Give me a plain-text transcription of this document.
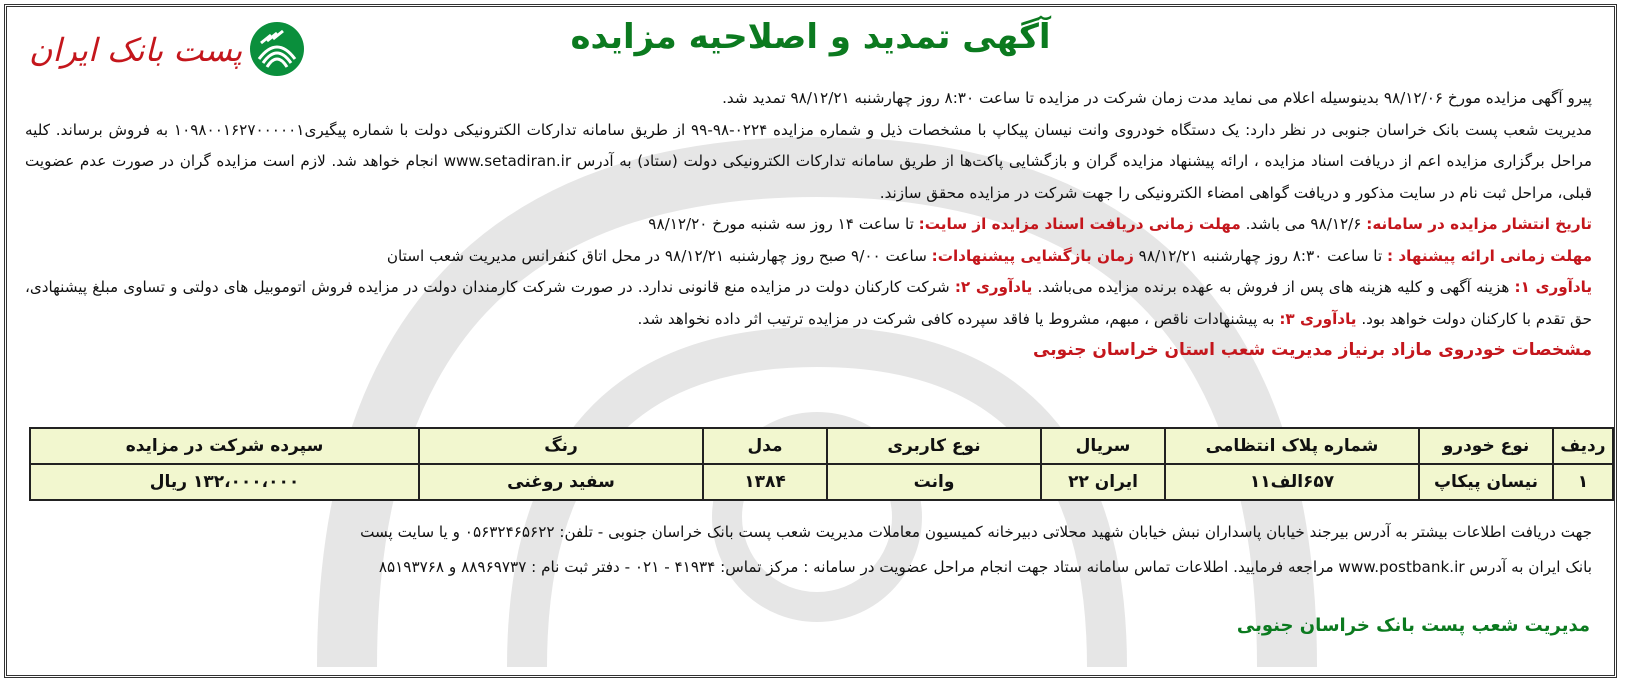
آگهی تمدید و اصلاحیه مزایده
پست بانک ایران

پیرو آگهی مزایده مورخ ۹۸/۱۲/۰۶ بدینوسیله اعلام می نماید مدت زمان شرکت در مزایده تا ساعت ۸:۳۰ روز چهارشنبه ۹۸/۱۲/۲۱ تمدید شد.

مدیریت شعب پست بانک خراسان جنوبی در نظر دارد: یک دستگاه خودروی وانت نیسان پیکاپ با مشخصات ذیل و شماره مزایده ۰۲۲۴-۹۸-۹۹ از طریق سامانه تدارکات الکترونیکی دولت با شماره پیگیری۱۰۹۸۰۰۱۶۲۷۰۰۰۰۰۱ به فروش برساند. کلیه مراحل برگزاری مزایده اعم از دریافت اسناد مزایده ، ارائه پیشنهاد مزایده گران و بازگشایی پاکت‌ها از طریق سامانه تدارکات الکترونیکی دولت (ستاد) به آدرس www.setadiran.ir انجام خواهد شد. لازم است مزایده گران در صورت عدم عضویت قبلی، مراحل ثبت نام در سایت مذکور و دریافت گواهی امضاء الکترونیکی را جهت شرکت در مزایده محقق سازند.

تاریخ انتشار مزایده در سامانه: ۹۸/۱۲/۶ می باشد. مهلت زمانی دریافت اسناد مزایده از سایت: تا ساعت ۱۴ روز سه شنبه مورخ ۹۸/۱۲/۲۰

مهلت زمانی ارائه پیشنهاد : تا ساعت ۸:۳۰ روز چهارشنبه ۹۸/۱۲/۲۱ زمان بازگشایی پیشنهادات: ساعت ۹/۰۰ صبح روز چهارشنبه ۹۸/۱۲/۲۱ در محل اتاق کنفرانس مدیریت شعب استان

یادآوری ۱: هزینه آگهی و کلیه هزینه های پس از فروش به عهده برنده مزایده می‌باشد. یادآوری ۲: شرکت کارکنان دولت در مزایده منع قانونی ندارد. در صورت شرکت کارمندان دولت در مزایده فروش اتوموبیل های دولتی و تساوی مبلغ پیشنهادی، حق تقدم با کارکنان دولت خواهد بود. یادآوری ۳: به پیشنهادات ناقص ، مبهم، مشروط یا فاقد سپرده کافی شرکت در مزایده ترتیب اثر داده نخواهد شد.

مشخصات خودروی مازاد برنیاز مدیریت شعب استان خراسان جنوبی

ردیف	نوع خودرو	شماره پلاک انتظامی	سریال	نوع کاربری	مدل	رنگ	سپرده شرکت در مزایده
۱	نیسان پیکاپ	۶۵۷الف۱۱	ایران ۲۲	وانت	۱۳۸۴	سفید روغنی	۱۳۲،۰۰۰،۰۰۰ ریال

جهت دریافت اطلاعات بیشتر به آدرس بیرجند خیابان پاسداران نبش خیابان شهید محلاتی دبیرخانه کمیسیون معاملات مدیریت شعب پست بانک خراسان جنوبی - تلفن: ۰۵۶۳۲۴۶۵۶۲۲ و یا سایت پست

بانک ایران به آدرس www.postbank.ir مراجعه فرمایید. اطلاعات تماس سامانه ستاد جهت انجام مراحل عضویت در سامانه : مرکز تماس: ۴۱۹۳۴ - ۰۲۱ - دفتر ثبت نام : ۸۸۹۶۹۷۳۷ و ۸۵۱۹۳۷۶۸

مدیریت شعب پست بانک خراسان جنوبی
